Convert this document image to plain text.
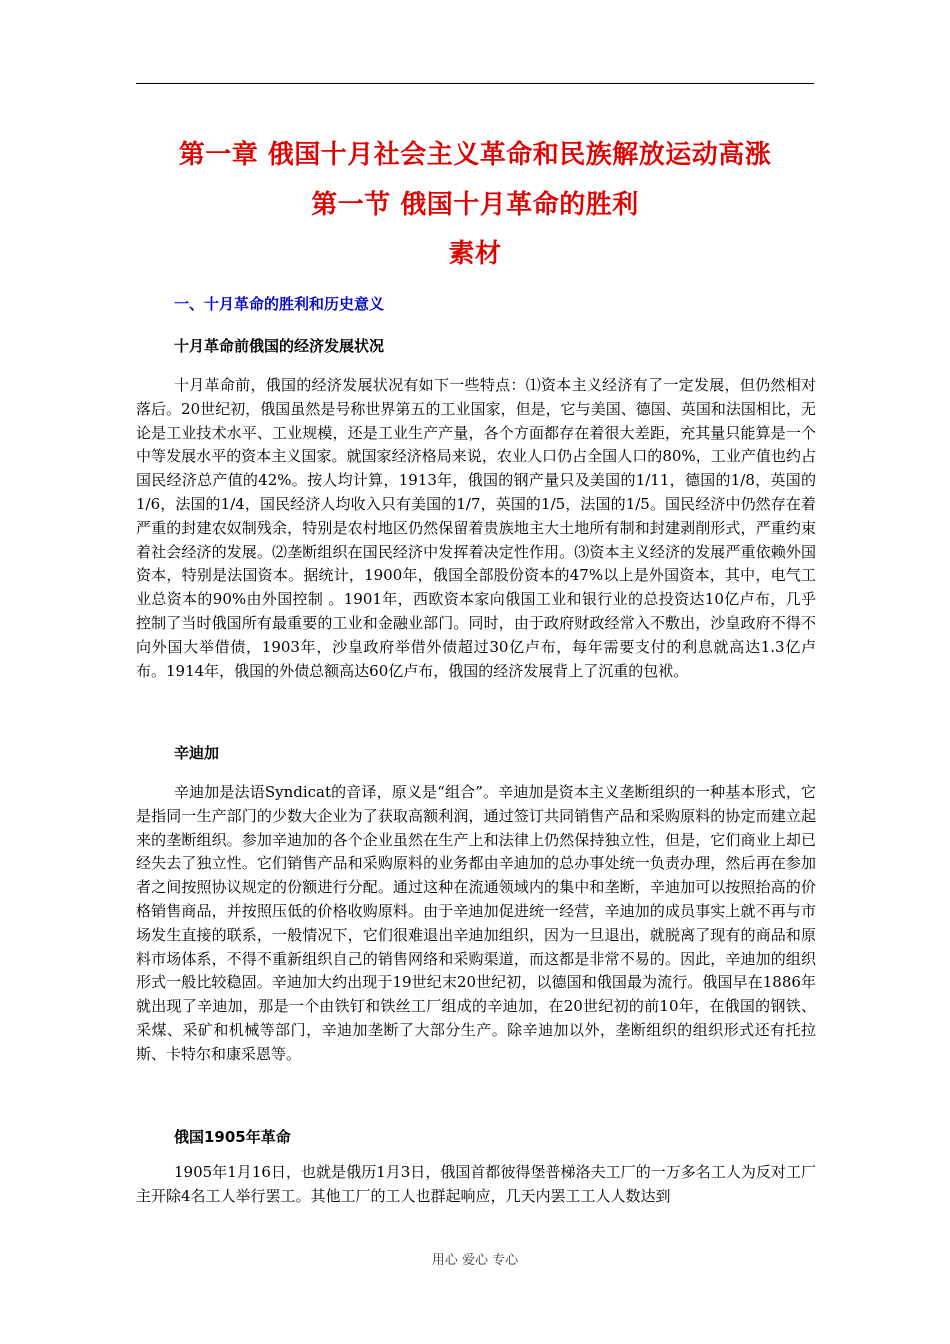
第一章 俄国十月社会主义革命和民族解放运动高涨
第一节 俄国十月革命的胜利
素材
一、十月革命的胜利和历史意义
十月革命前俄国的经济发展状况

十月革命前，俄国的经济发展状况有如下一些特点：⑴资本主义经济有了一定发展，但仍然相对落后。20世纪初，俄国虽然是号称世界第五的工业国家，但是，它与美国、德国、英国和法国相比，无论是工业技术水平、工业规模，还是工业生产产量，各个方面都存在着很大差距，充其量只能算是一个中等发展水平的资本主义国家。就国家经济格局来说，农业人口仍占全国人口的80%，工业产值也约占国民经济总产值的42%。按人均计算，1913年，俄国的钢产量只及美国的1/11，德国的1/8，英国的1/6，法国的1/4，国民经济人均收入只有美国的1/7，英国的1/5，法国的1/5。国民经济中仍然存在着严重的封建农奴制残余，特别是农村地区仍然保留着贵族地主大土地所有制和封建剥削形式，严重约束着社会经济的发展。⑵垄断组织在国民经济中发挥着决定性作用。⑶资本主义经济的发展严重依赖外国资本，特别是法国资本。据统计，1900年，俄国全部股份资本的47%以上是外国资本，其中，电气工业总资本的90%由外国控制 。1901年，西欧资本家向俄国工业和银行业的总投资达10亿卢布，几乎控制了当时俄国所有最重要的工业和金融业部门。同时，由于政府财政经常入不敷出，沙皇政府不得不向外国大举借债，1903年，沙皇政府举借外债超过30亿卢布，每年需要支付的利息就高达1.3亿卢布。1914年，俄国的外债总额高达60亿卢布，俄国的经济发展背上了沉重的包袱。

辛迪加

辛迪加是法语Syndicat的音译，原义是“组合”。辛迪加是资本主义垄断组织的一种基本形式，它是指同一生产部门的少数大企业为了获取高额利润，通过签订共同销售产品和采购原料的协定而建立起来的垄断组织。参加辛迪加的各个企业虽然在生产上和法律上仍然保持独立性，但是，它们商业上却已经失去了独立性。它们销售产品和采购原料的业务都由辛迪加的总办事处统一负责办理，然后再在参加者之间按照协议规定的份额进行分配。通过这种在流通领域内的集中和垄断，辛迪加可以按照抬高的价格销售商品，并按照压低的价格收购原料。由于辛迪加促进统一经营，辛迪加的成员事实上就不再与市场发生直接的联系，一般情况下，它们很难退出辛迪加组织，因为一旦退出，就脱离了现有的商品和原料市场体系，不得不重新组织自己的销售网络和采购渠道，而这都是非常不易的。因此，辛迪加的组织形式一般比较稳固。辛迪加大约出现于19世纪末20世纪初，以德国和俄国最为流行。俄国早在1886年就出现了辛迪加，那是一个由铁钉和铁丝工厂组成的辛迪加，在20世纪初的前10年，在俄国的钢铁、采煤、采矿和机械等部门，辛迪加垄断了大部分生产。除辛迪加以外，垄断组织的组织形式还有托拉斯、卡特尔和康采恩等。

俄国1905年革命

1905年1月16日，也就是俄历1月3日，俄国首都彼得堡普梯洛夫工厂的一万多名工人为反对工厂主开除4名工人举行罢工。其他工厂的工人也群起响应，几天内罢工工人人数达到

用心 爱心 专心
